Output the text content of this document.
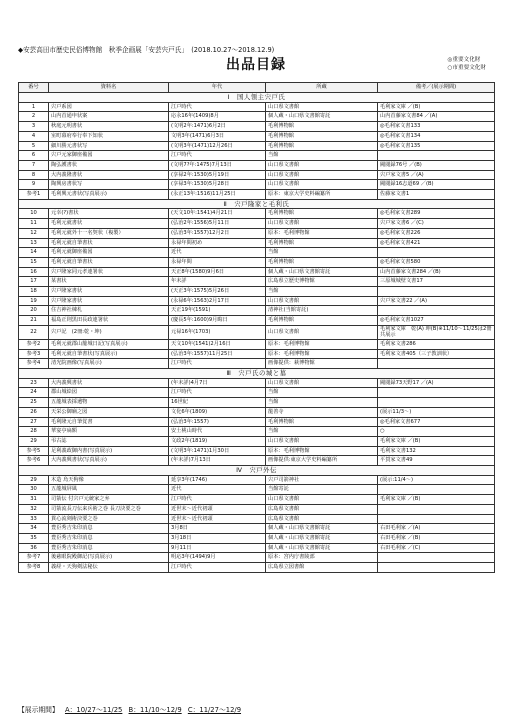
◆安芸高田市歴史民俗博物館　秋季企画展「安芸宍戸氏」　(2018.10.27～2018.12.9)
出品目録	◎重要文化財
○市重要文化財
番号	資料名	年代	所蔵	備考／(展示期間)
Ⅰ　国人領主宍戸氏				
1	宍戸系図	江戸時代	山口県文書館	毛利家文庫 ／(B)
2	山内首通申状案	応永16年(1409)8月	個人蔵・山口県文書館寄託	山内首藤家文書84 ／(A)
3	秋庭元明書状	(文明2年:1471)6月2日	毛利博物館	◎毛利家文書133
4	室町幕府奉行奉下知状	文明3年(1471)6月3日	毛利博物館	◎毛利家文書134
5	細川勝元書状写	(文明3年(1471)12月26日	毛利博物館	◎毛利家文書135
6	宍戸元家御座備図	江戸時代	当館	
7	陶弘護書状	(文明7?年:1475)7月13日	山口県文書館	閥閲録76号 ／(B)
8	大内義隆書状	(享禄2年:1530)5月19日	山口県文書館	宍戸家文書5 ／(A)
9	陶興房書状写	(享禄3年:1530)5月28日	山口県文書館	閥閲録16志道69 ／(B)
参考1	毛利興元書状(写真展示)	(永正13年:1516)11月25日	原本：東京大学史料編纂所	佐藤家文書1
Ⅱ　宍戸隆家と毛利氏				
10	元幸(?)書状	(天文10年:1541)4月21日	毛利博物館	◎毛利家文書289
11	毛利元就書状	(弘治2年:1556)5月11日	山口県文書館	宍戸家文書6 ／(C)
12	毛利元就外十一名契状（複製）	(弘治3年:1557)12月2日	原本：毛利博物館	◎毛利家文書226
13	毛利元就自筆書状	永禄年間初め	毛利博物館	◎毛利家文書421
14	毛利元就御座備図	近代	当館	
15	毛利元就自筆書状	永禄年間	毛利博物館	◎毛利家文書580
16	宍戸隆家同元孝連署状	天正8年(1580)9月6日	個人蔵・山口県文書館寄託	山内首藤家文書284 ／(B)
17	某書状	年未詳	広島県立歴史博物館	三原城城壁文書17
18	宍戸隆家書状	(天正3年:1575)5月26日	当館	
19	宍戸隆家書状	(永禄6年:1563)2月17日	山口県文書館	宍戸家文書22 ／(A)
20	住吉神社棟札	天正19年(1591)	清神社(当館寄託)	
21	福島正則黒田長政連署状	(慶長5年:1600)9月晦日	毛利博物館	◎毛利家文書1027
22	宍戸記　(2冊:乾・坤)	元禄16年(1703)	山口県文書館	毛利家文庫　乾(A) 坤(B)※11/10～11/25は2冊共展示
参考2	毛利元就郡山籠城日記(写真展示)	天文10年(1541)2月16日	原本：毛利博物館	毛利家文書286
参考3	毛利元就自筆書状(写真展示)	(弘治3年:1557)11月25日	原本：毛利博物館	毛利家文書405（三子教訓状）
参考4	清光院画像(写真展示)	江戸時代	画像提供：萩博物館	
Ⅲ　宍戸氏の城と墓				
23	大内義興書状	(年未詳)4月7日	山口県文書館	閥閲録73天野17 ／(A)
24	郡山城絵図	江戸時代	当館	
25	五龍城表採遺物	16世紀	当館	
26	天栄公御廟之図	文化6年(1809)	龍善寺	(展示11/3～)
27	毛利隆元自筆覚書	(弘治3年:1557)	毛利博物館	◎毛利家文書677
28	華宴亭扁額	安土桃山時代	当館	○
29	弔古誌	文政2年(1819)	山口県文書館	毛利家文庫 ／(B)
参考5	足利義政御内書(写真展示)	(文明3年:1471)1月30日	原本：毛利博物館	毛利家文書132
参考6	大内義興書状(写真展示)	(年未詳)7月13日	画像提供:東京大学史料編纂所	平賀家文書49
Ⅳ　宍戸外伝				
29	木造 烏天狗像	延享3年(1746)	宍戸司箭神社	(展示:11/4～)
30	五龍城屏風	近代	当館寄託	
31	司箭伝 付宍戸元統家之弁	江戸時代	山口県文書館	毛利家文庫 ／(B)
32	司箭流長刀伝来兵術之巻 長刀決要之巻	近世末～近代初頭	広島県文書館	
33	貫心流剣術決要之巻	近世末～近代初頭	広島県文書館	
34	豊臣秀吉朱印消息	3月8日	個人蔵・山口県文書館寄託	右田毛利家 ／(A)
35	豊臣秀吉朱印消息	3月18日	個人蔵・山口県文書館寄託	右田毛利家 ／(B)
36	豊臣秀吉朱印消息	9月11日	個人蔵・山口県文書館寄託	右田毛利家 ／(C)
参考7	後慈眼院殿御記(写真展示)	明応3年(1494)9月	原本：宮内庁書陵部	
参考8	義経・天狗剣法秘伝	江戸時代	広島県立図書館	
【展示期間】 A：10/27～11/25 B：11/10～12/9 C：11/27～12/9
